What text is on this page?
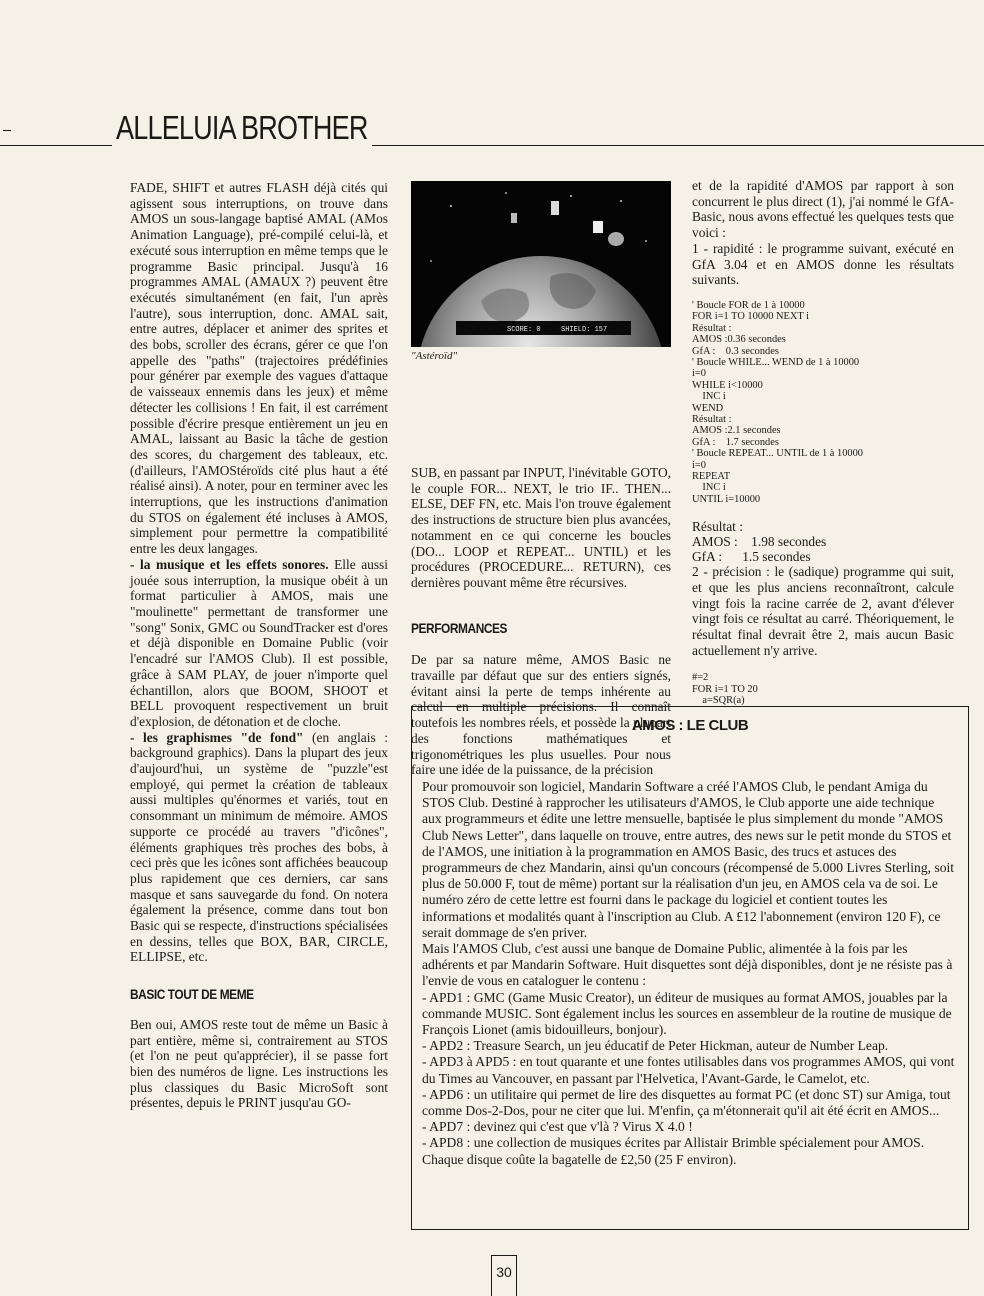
ALLELUIA BROTHER

FADE, SHIFT et autres FLASH déjà cités qui agissent sous interruptions, on trouve dans AMOS un sous-langage baptisé AMAL (AMos Animation Language), pré-compilé celui-là, et exécuté sous interruption en même temps que le programme Basic principal. Jusqu'à 16 programmes AMAL (AMAUX ?) peuvent être exécutés simultanément (en fait, l'un après l'autre), sous interruption, donc. AMAL sait, entre autres, déplacer et animer des sprites et des bobs, scroller des écrans, gérer ce que l'on appelle des "paths" (trajectoires prédéfinies pour générer par exemple des vagues d'attaque de vaisseaux ennemis dans les jeux) et même détecter les collisions ! En fait, il est carrément possible d'écrire presque entièrement un jeu en AMAL, laissant au Basic la tâche de gestion des scores, du chargement des tableaux, etc. (d'ailleurs, l'AMOStéroïds cité plus haut a été réalisé ainsi). A noter, pour en terminer avec les interruptions, que les instructions d'animation du STOS on également été incluses à AMOS, simplement pour permettre la compatibilité entre les deux langages.

- la musique et les effets sonores. Elle aussi jouée sous interruption, la musique obéit à un format particulier à AMOS, mais une "moulinette" permettant de transformer une "song" Sonix, GMC ou SoundTracker est d'ores et déjà disponible en Domaine Public (voir l'encadré sur l'AMOS Club). Il est possible, grâce à SAM PLAY, de jouer n'importe quel échantillon, alors que BOOM, SHOOT et BELL provoquent respectivement un bruit d'explosion, de détonation et de cloche.

- les graphismes "de fond" (en anglais : background graphics). Dans la plupart des jeux d'aujourd'hui, un système de "puzzle"est employé, qui permet la création de tableaux aussi multiples qu'énormes et variés, tout en consommant un minimum de mémoire. AMOS supporte ce procédé au travers "d'icônes", éléments graphiques très proches des bobs, à ceci près que les icônes sont affichées beaucoup plus rapidement que ces derniers, car sans masque et sans sauvegarde du fond. On notera également la présence, comme dans tout bon Basic qui se respecte, d'instructions spécialisées en dessins, telles que BOX, BAR, CIRCLE, ELLIPSE, etc.

BASIC TOUT DE MEME

Ben oui, AMOS reste tout de même un Basic à part entière, même si, contrairement au STOS (et l'on ne peut qu'apprécier), il se passe fort bien des numéros de ligne. Les instructions les plus classiques du Basic MicroSoft sont présentes, depuis le PRINT jusqu'au GO-

SCORE: 0	SHIELD: 157
"Astéroïd"

SUB, en passant par INPUT, l'inévitable GOTO, le couple FOR... NEXT, le trio IF.. THEN... ELSE, DEF FN, etc. Mais l'on trouve également des instructions de structure bien plus avancées, notamment en ce qui concerne les boucles (DO... LOOP et REPEAT... UNTIL) et les procédures (PROCEDURE... RETURN), ces dernières pouvant même être récursives.

PERFORMANCES

De par sa nature même, AMOS Basic ne travaille par défaut que sur des entiers signés, évitant ainsi la perte de temps inhérente au calcul en multiple précisions. Il connaît toutefois les nombres réels, et possède la plupart des fonctions mathématiques et trigonométriques les plus usuelles. Pour nous faire une idée de la puissance, de la précision

et de la rapidité d'AMOS par rapport à son concurrent le plus direct (1), j'ai nommé le GfA-Basic, nous avons effectué les quelques tests que voici :

1 - rapidité : le programme suivant, exécuté en GfA 3.04 et en AMOS donne les résultats suivants.

' Boucle FOR de 1 à 10000
FOR i=1 TO 10000 NEXT i
Résultat :
AMOS :0.36 secondes
GfA :    0.3 secondes
' Boucle WHILE... WEND de 1 à 10000
i=0
WHILE i<10000
INC i
WEND
Résultat :
AMOS :2.1 secondes
GfA :    1.7 secondes
' Boucle REPEAT... UNTIL de 1 à 10000
i=0
REPEAT
INC i
UNTIL i=10000
Résultat :
AMOS :    1.98 secondes
GfA :      1.5 secondes

2 - précision : le (sadique) programme qui suit, et que les plus anciens reconnaîtront, calcule vingt fois la racine carrée de 2, avant d'élever vingt fois ce résultat au carré. Théoriquement, le résultat final devrait être 2, mais aucun Basic actuellement n'y arrive.

#=2
FOR i=1 TO 20
a=SQR(a)
AMOS : LE CLUB

Pour promouvoir son logiciel, Mandarin Software a créé l'AMOS Club, le pendant Amiga du STOS Club. Destiné à rapprocher les utilisateurs d'AMOS, le Club apporte une aide technique aux programmeurs et édite une lettre mensuelle, baptisée le plus simplement du monde "AMOS Club News Letter", dans laquelle on trouve, entre autres, des news sur le petit monde du STOS et de l'AMOS, une initiation à la programmation en AMOS Basic, des trucs et astuces des programmeurs de chez Mandarin, ainsi qu'un concours (récompensé de 5.000 Livres Sterling, soit plus de 50.000 F, tout de même) portant sur la réalisation d'un jeu, en AMOS cela va de soi. Le numéro zéro de cette lettre est fourni dans le package du logiciel et contient toutes les informations et modalités quant à l'inscription au Club. A £12 l'abonnement (environ 120 F), ce serait dommage de s'en priver.

Mais l'AMOS Club, c'est aussi une banque de Domaine Public, alimentée à la fois par les adhérents et par Mandarin Software. Huit disquettes sont déjà disponibles, dont je ne résiste pas à l'envie de vous en cataloguer le contenu :

- APD1 : GMC (Game Music Creator), un éditeur de musiques au format AMOS, jouables par la commande MUSIC. Sont également inclus les sources en assembleur de la routine de musique de François Lionet (amis bidouilleurs, bonjour).

- APD2 : Treasure Search, un jeu éducatif de Peter Hickman, auteur de Number Leap.

- APD3 à APD5 : en tout quarante et une fontes utilisables dans vos programmes AMOS, qui vont du Times au Vancouver, en passant par l'Helvetica, l'Avant-Garde, le Camelot, etc.

- APD6 : un utilitaire qui permet de lire des disquettes au format PC (et donc ST) sur Amiga, tout comme Dos-2-Dos, pour ne citer que lui. M'enfin, ça m'étonnerait qu'il ait été écrit en AMOS...

- APD7 : devinez qui c'est que v'là ? Virus X 4.0 !

- APD8 : une collection de musiques écrites par Allistair Brimble spécialement pour AMOS.

Chaque disque coûte la bagatelle de £2,50 (25 F environ).

30
